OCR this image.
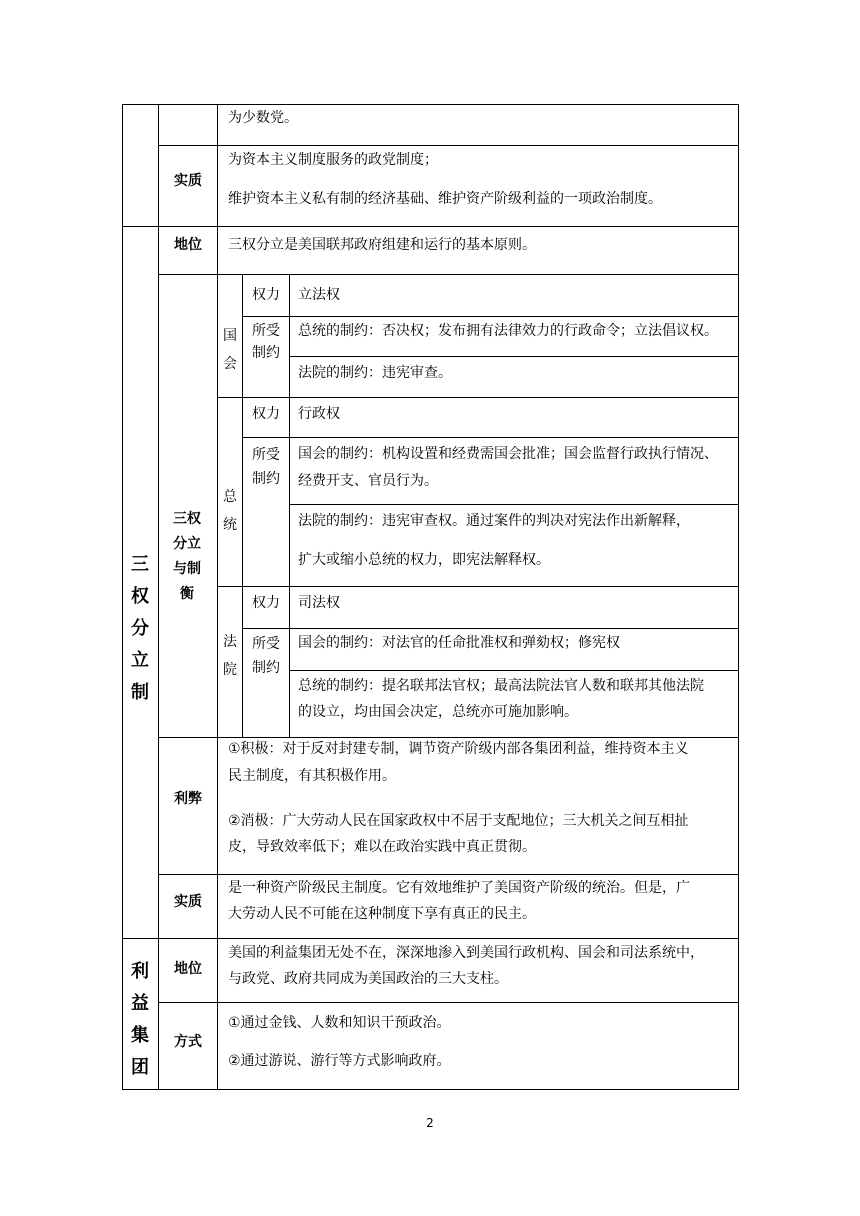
为少数党。
实质
为资本主义制度服务的政党制度；
维护资本主义私有制的经济基础、维护资产阶级利益的一项政治制度。
三权分立制
地位 三权分立是美国联邦政府组建和运行的基本原则。
三权分立与制衡
国会
权力 立法权
所受制约
总统的制约：否决权；发布拥有法律效力的行政命令；立法倡议权。
法院的制约：违宪审查。
总统
权力 行政权
所受制约
国会的制约：机构设置和经费需国会批准；国会监督行政执行情况、
经费开支、官员行为。
法院的制约：违宪审查权。通过案件的判决对宪法作出新解释，
扩大或缩小总统的权力，即宪法解释权。
法院
权力 司法权
所受制约
国会的制约：对法官的任命批准权和弹劾权；修宪权
总统的制约：提名联邦法官权；最高法院法官人数和联邦其他法院
的设立，均由国会决定，总统亦可施加影响。
利弊
①积极：对于反对封建专制，调节资产阶级内部各集团利益，维持资本主义
民主制度，有其积极作用。
②消极：广大劳动人民在国家政权中不居于支配地位；三大机关之间互相扯
皮，导致效率低下；难以在政治实践中真正贯彻。
实质
是一种资产阶级民主制度。它有效地维护了美国资产阶级的统治。但是，广
大劳动人民不可能在这种制度下享有真正的民主。
利益集团
地位
美国的利益集团无处不在，深深地渗入到美国行政机构、国会和司法系统中，
与政党、政府共同成为美国政治的三大支柱。
方式
①通过金钱、人数和知识干预政治。
②通过游说、游行等方式影响政府。
2
